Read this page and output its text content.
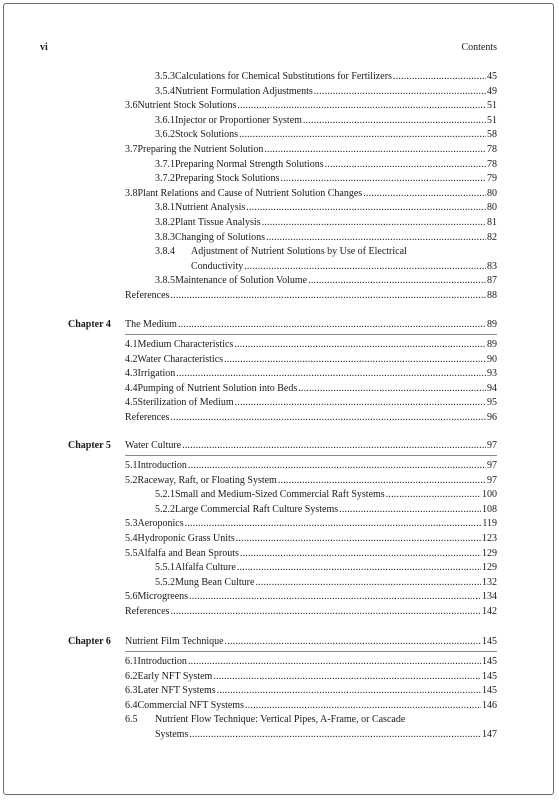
vi	Contents
3.5.3 Calculations for Chemical Substitutions for Fertilizers .....	45
3.5.4 Nutrient Formulation Adjustments .....	49
3.6 Nutrient Stock Solutions .....	51
3.6.1 Injector or Proportioner System .....	51
3.6.2 Stock Solutions .....	58
3.7 Preparing the Nutrient Solution .....	78
3.7.1 Preparing Normal Strength Solutions .....	78
3.7.2 Preparing Stock Solutions .....	79
3.8 Plant Relations and Cause of Nutrient Solution Changes .....	80
3.8.1 Nutrient Analysis .....	80
3.8.2 Plant Tissue Analysis .....	81
3.8.3 Changing of Solutions .....	82
3.8.4	Adjustment of Nutrient Solutions by Use of Electrical
Conductivity .....	83
3.8.5 Maintenance of Solution Volume .....	87
References .....	88
Chapter 4 The Medium .....	89
4.1 Medium Characteristics .....	89
4.2 Water Characteristics .....	90
4.3 Irrigation .....	93
4.4 Pumping of Nutrient Solution into Beds .....	94
4.5 Sterilization of Medium .....	95
References .....	96
Chapter 5 Water Culture .....	97
5.1 Introduction .....	97
5.2 Raceway, Raft, or Floating System .....	97
5.2.1 Small and Medium-Sized Commercial Raft Systems .....	100
5.2.2 Large Commercial Raft Culture Systems .....	108
5.3 Aeroponics .....	119
5.4 Hydroponic Grass Units .....	123
5.5 Alfalfa and Bean Sprouts .....	129
5.5.1 Alfalfa Culture .....	129
5.5.2 Mung Bean Culture .....	132
5.6 Microgreens .....	134
References .....	142
Chapter 6 Nutrient Film Technique .....	145
6.1 Introduction .....	145
6.2 Early NFT System .....	145
6.3 Later NFT Systems .....	145
6.4 Commercial NFT Systems .....	146
6.5	Nutrient Flow Technique: Vertical Pipes, A-Frame, or Cascade
Systems .....	147
